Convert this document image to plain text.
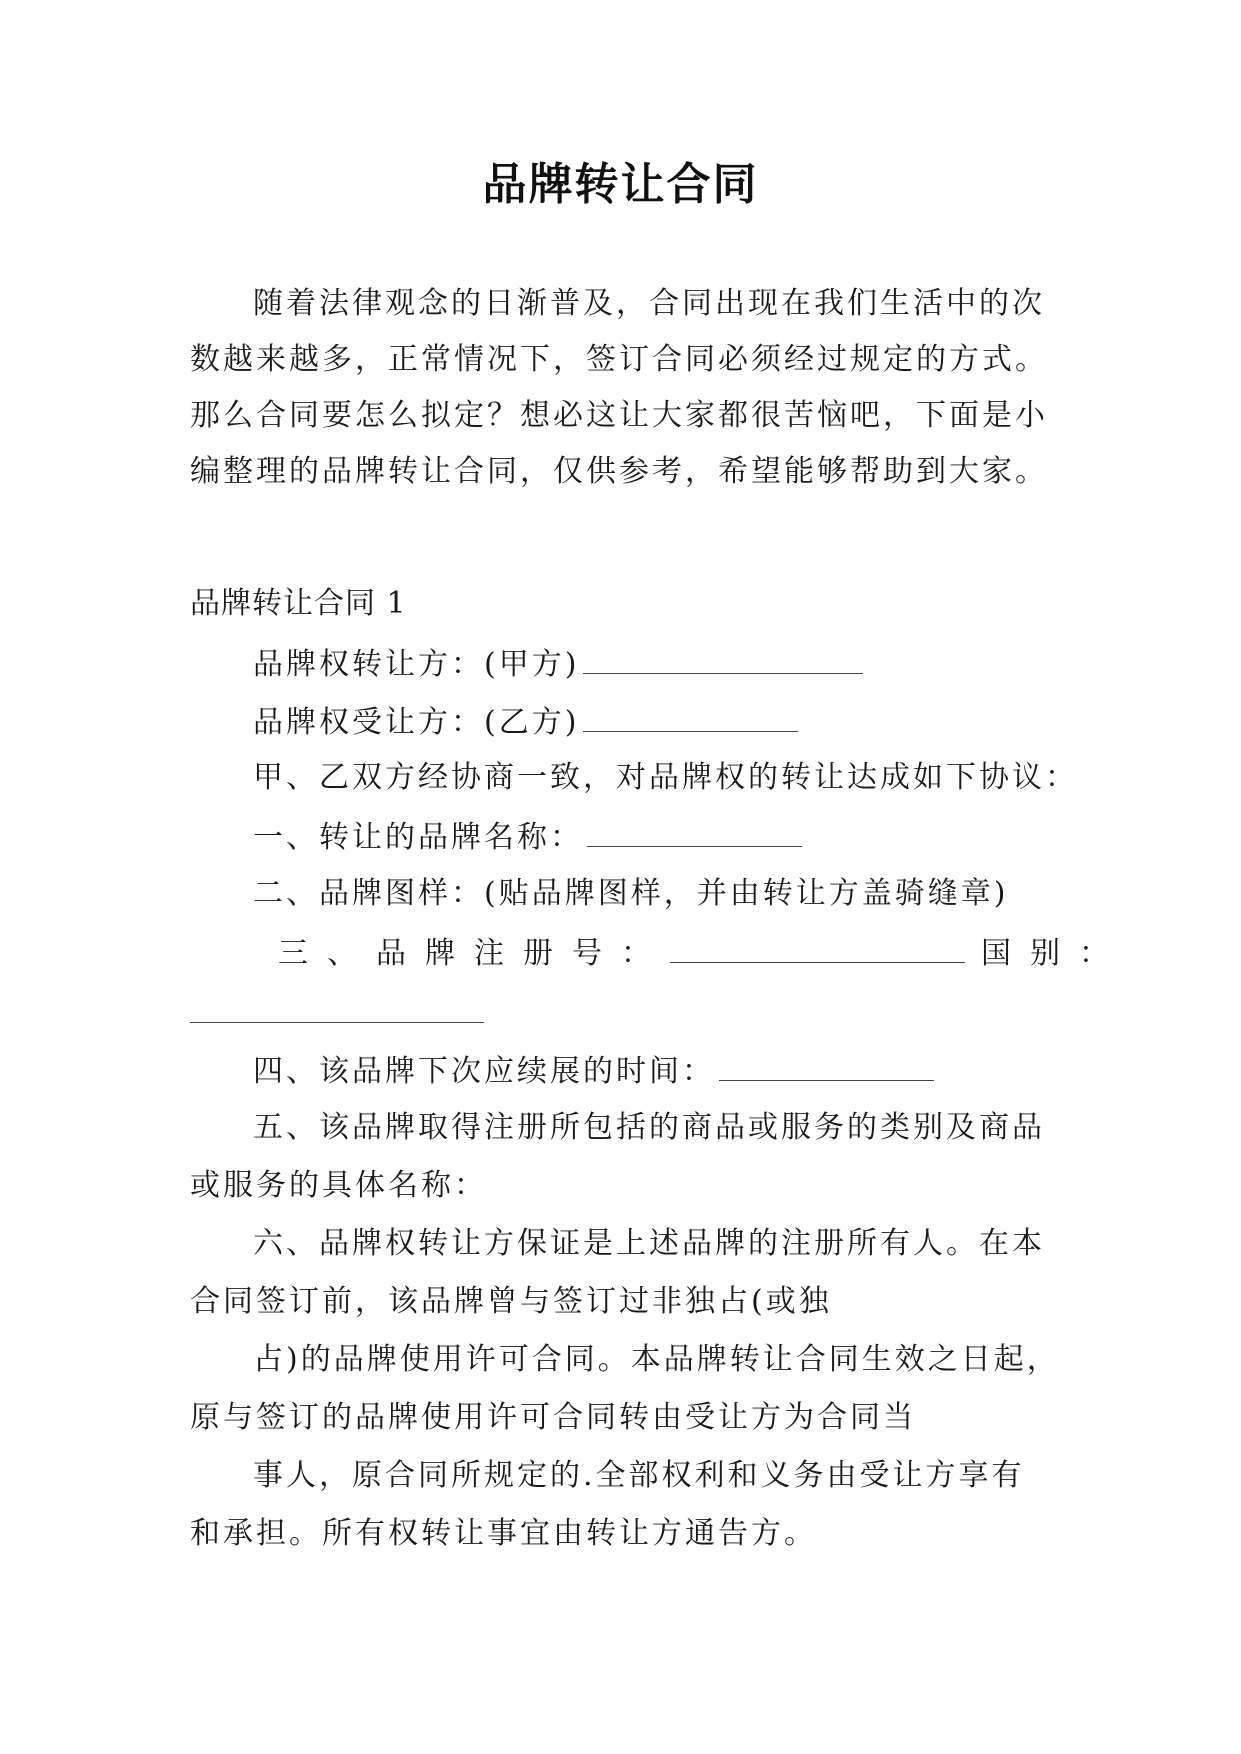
品牌转让合同
随着法律观念的日渐普及，合同出现在我们生活中的次
数越来越多，正常情况下，签订合同必须经过规定的方式。
那么合同要怎么拟定？想必这让大家都很苦恼吧，下面是小
编整理的品牌转让合同，仅供参考，希望能够帮助到大家。
品牌转让合同 1
品牌权转让方：(甲方)
品牌权受让方：(乙方)
甲、乙双方经协商一致，对品牌权的转让达成如下协议：
一、转让的品牌名称：
二、品牌图样：(贴品牌图样，并由转让方盖骑缝章)
三、品牌注册号：	国别：
四、该品牌下次应续展的时间：
五、该品牌取得注册所包括的商品或服务的类别及商品
或服务的具体名称：
六、品牌权转让方保证是上述品牌的注册所有人。在本
合同签订前，该品牌曾与签订过非独占(或独
占)的品牌使用许可合同。本品牌转让合同生效之日起，
原与签订的品牌使用许可合同转由受让方为合同当
事人，原合同所规定的.全部权利和义务由受让方享有
和承担。所有权转让事宜由转让方通告方。
